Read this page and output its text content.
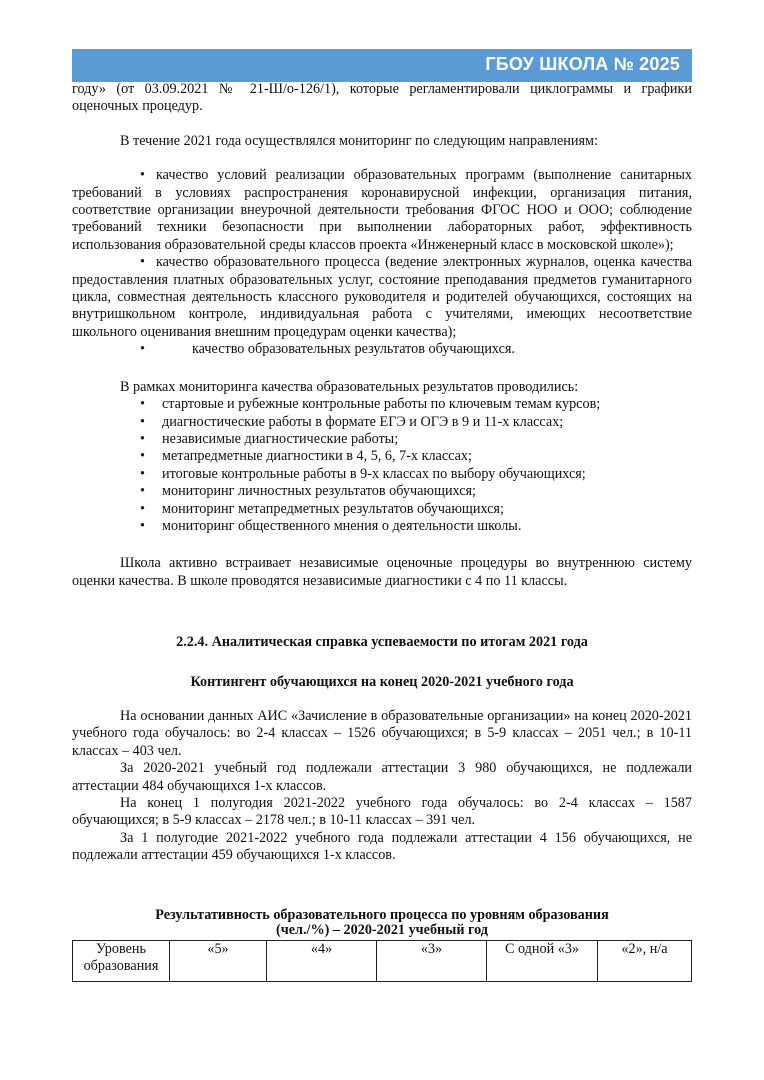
ГБОУ ШКОЛА № 2025

году» (от 03.09.2021 № 21-Ш/о-126/1), которые регламентировали циклограммы и графики оценочных процедур.

В течение 2021 года осуществлялся мониторинг по следующим направлениям:

• качество условий реализации образовательных программ (выполнение санитарных требований в условиях распространения коронавирусной инфекции, организация питания, соответствие организации внеурочной деятельности требования ФГОС НОО и ООО; соблюдение требований техники безопасности при выполнении лабораторных работ, эффективность использования образовательной среды классов проекта «Инженерный класс в московской школе»);
• качество образовательного процесса (ведение электронных журналов, оценка качества предоставления платных образовательных услуг, состояние преподавания предметов гуманитарного цикла, совместная деятельность классного руководителя и родителей обучающихся, состоящих на внутришкольном контроле, индивидуальная работа с учителями, имеющих несоответствие школьного оценивания внешним процедурам оценки качества);
•	качество образовательных результатов обучающихся.

В рамках мониторинга качества образовательных результатов проводились:

• стартовые и рубежные контрольные работы по ключевым темам курсов;
• диагностические работы в формате ЕГЭ и ОГЭ в 9 и 11-х классах;
• независимые диагностические работы;
• метапредметные диагностики в 4, 5, 6, 7-х классах;
• итоговые контрольные работы в 9-х классах по выбору обучающихся;
• мониторинг личностных результатов обучающихся;
• мониторинг метапредметных результатов обучающихся;
• мониторинг общественного мнения о деятельности школы.

Школа активно встраивает независимые оценочные процедуры во внутреннюю систему оценки качества. В школе проводятся независимые диагностики с 4 по 11 классы.

2.2.4. Аналитическая справка успеваемости по итогам 2021 года
Контингент обучающихся на конец 2020-2021 учебного года

На основании данных АИС «Зачисление в образовательные организации» на конец 2020-2021 учебного года обучалось: во 2-4 классах – 1526 обучающихся; в 5-9 классах – 2051 чел.; в 10-11 классах – 403 чел.

За 2020-2021 учебный год подлежали аттестации 3 980 обучающихся, не подлежали аттестации 484 обучающихся 1-х классов.

На конец 1 полугодия 2021-2022 учебного года обучалось: во 2-4 классах – 1587 обучающихся; в 5-9 классах – 2178 чел.; в 10-11 классах – 391 чел.

За 1 полугодие 2021-2022 учебного года подлежали аттестации 4 156 обучающихся, не подлежали аттестации 459 обучающихся 1-х классов.

Результативность образовательного процесса по уровням образования
(чел./%) – 2020-2021 учебный год
Уровень образования	«5»	«4»	«3»	С одной «3»	«2», н/а
